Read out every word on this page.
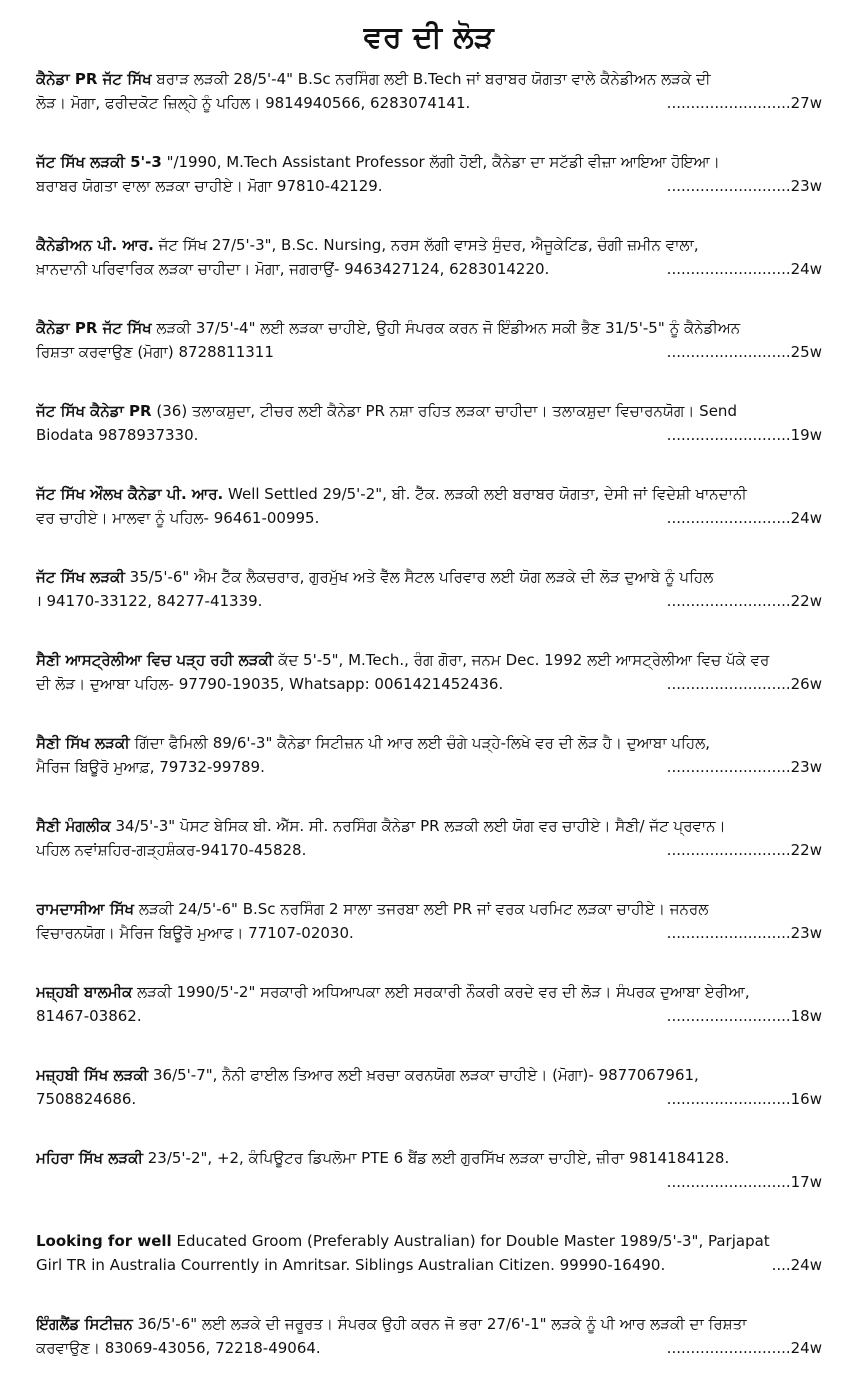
ਵਰ ਦੀ ਲੋੜ
ਕੈਨੇਡਾ PR ਜੱਟ ਸਿੱਖ ਬਰਾੜ ਲੜਕੀ 28/5'-4" B.Sc ਨਰਸਿੰਗ ਲਈ B.Tech ਜਾਂ ਬਰਾਬਰ ਯੋਗਤਾ ਵਾਲੇ ਕੈਨੇਡੀਅਨ ਲੜਕੇ ਦੀ
ਲੋੜ। ਮੋਗਾ, ਫਰੀਦਕੋਟ ਜ਼ਿਲ੍ਹੇ ਨੂੰ ਪਹਿਲ। 9814940566, 6283074141.	..........................27w
ਜੱਟ ਸਿੱਖ ਲੜਕੀ 5'-3 "/1990, M.Tech Assistant Professor ਲੱਗੀ ਹੋਈ, ਕੈਨੇਡਾ ਦਾ ਸਟੱਡੀ ਵੀਜ਼ਾ ਆਇਆ ਹੋਇਆ।
ਬਰਾਬਰ ਯੋਗਤਾ ਵਾਲਾ ਲੜਕਾ ਚਾਹੀਏ। ਮੋਗਾ 97810-42129.	..........................23w
ਕੈਨੇਡੀਅਨ ਪੀ. ਆਰ. ਜੱਟ ਸਿੱਖ 27/5'-3", B.Sc. Nursing, ਨਰਸ ਲੱਗੀ ਵਾਸਤੇ ਸੁੰਦਰ, ਐਜੂਕੇਟਿਡ, ਚੰਗੀ ਜ਼ਮੀਨ ਵਾਲਾ,
ਖ਼ਾਨਦਾਨੀ ਪਰਿਵਾਰਿਕ ਲੜਕਾ ਚਾਹੀਦਾ। ਮੋਗਾ, ਜਗਰਾਉਂ- 9463427124, 6283014220.	..........................24w
ਕੈਨੇਡਾ PR ਜੱਟ ਸਿੱਖ ਲੜਕੀ 37/5'-4" ਲਈ ਲੜਕਾ ਚਾਹੀਏ, ਉਹੀ ਸੰਪਰਕ ਕਰਨ ਜੋ ਇੰਡੀਅਨ ਸਕੀ ਭੈਣ 31/5'-5" ਨੂੰ ਕੈਨੇਡੀਅਨ
ਰਿਸ਼ਤਾ ਕਰਵਾਉਣ (ਮੋਗਾ) 8728811311	..........................25w
ਜੱਟ ਸਿੱਖ ਕੈਨੇਡਾ PR (36) ਤਲਾਕਸ਼ੁਦਾ, ਟੀਚਰ ਲਈ ਕੈਨੇਡਾ PR ਨਸ਼ਾ ਰਹਿਤ ਲੜਕਾ ਚਾਹੀਦਾ। ਤਲਾਕਸ਼ੁਦਾ ਵਿਚਾਰਨਯੋਗ। Send
Biodata 9878937330.	..........................19w
ਜੱਟ ਸਿੱਖ ਔਲਖ ਕੈਨੇਡਾ ਪੀ. ਆਰ. Well Settled 29/5'-2", ਬੀ. ਟੈੱਕ. ਲੜਕੀ ਲਈ ਬਰਾਬਰ ਯੋਗਤਾ, ਦੇਸੀ ਜਾਂ ਵਿਦੇਸ਼ੀ ਖਾਨਦਾਨੀ
ਵਰ ਚਾਹੀਏ। ਮਾਲਵਾ ਨੂੰ ਪਹਿਲ- 96461-00995.	..........................24w
ਜੱਟ ਸਿੱਖ ਲੜਕੀ 35/5'-6" ਐਮ ਟੈੱਕ ਲੈਕਚਰਾਰ, ਗੁਰਮੁੱਖ ਅਤੇ ਵੈੱਲ ਸੈਟਲ ਪਰਿਵਾਰ ਲਈ ਯੋਗ ਲੜਕੇ ਦੀ ਲੋੜ ਦੁਆਬੇ ਨੂੰ ਪਹਿਲ
। 94170-33122, 84277-41339.	..........................22w
ਸੈਣੀ ਆਸਟ੍ਰੇਲੀਆ ਵਿਚ ਪੜ੍ਹ ਰਹੀ ਲੜਕੀ ਕੱਦ 5'-5", M.Tech., ਰੰਗ ਗੋਰਾ, ਜਨਮ Dec. 1992 ਲਈ ਆਸਟ੍ਰੇਲੀਆ ਵਿਚ ਪੱਕੇ ਵਰ
ਦੀ ਲੋੜ। ਦੁਆਬਾ ਪਹਿਲ- 97790-19035, Whatsapp: 0061421452436.	..........................26w
ਸੈਣੀ ਸਿੱਖ ਲੜਕੀ ਗਿੱਦਾ ਫੈਮਿਲੀ 89/6'-3" ਕੈਨੇਡਾ ਸਿਟੀਜ਼ਨ ਪੀ ਆਰ ਲਈ ਚੰਗੇ ਪੜ੍ਹੇ-ਲਿਖੇ ਵਰ ਦੀ ਲੋੜ ਹੈ। ਦੁਆਬਾ ਪਹਿਲ,
ਮੈਰਿਜ ਬਿਊਰੋ ਮੁਆਫ਼, 79732-99789.	..........................23w
ਸੈਣੀ ਮੰਗਲੀਕ 34/5'-3" ਪੋਸਟ ਬੇਸਿਕ ਬੀ. ਐੱਸ. ਸੀ. ਨਰਸਿੰਗ ਕੈਨੇਡਾ PR ਲੜਕੀ ਲਈ ਯੋਗ ਵਰ ਚਾਹੀਏ। ਸੈਣੀ/ ਜੱਟ ਪ੍ਰਵਾਨ।
ਪਹਿਲ ਨਵਾਂਸ਼ਹਿਰ-ਗੜ੍ਹਸ਼ੰਕਰ-94170-45828.	..........................22w
ਰਾਮਦਾਸੀਆ ਸਿੱਖ ਲੜਕੀ 24/5'-6" B.Sc ਨਰਸਿੰਗ 2 ਸਾਲਾ ਤਜਰਬਾ ਲਈ PR ਜਾਂ ਵਰਕ ਪਰਮਿਟ ਲੜਕਾ ਚਾਹੀਏ। ਜਨਰਲ
ਵਿਚਾਰਨਯੋਗ। ਮੈਰਿਜ ਬਿਊਰੋ ਮੁਆਫ। 77107-02030.	..........................23w
ਮਜ਼੍ਹਬੀ ਬਾਲਮੀਕ ਲੜਕੀ 1990/5'-2" ਸਰਕਾਰੀ ਅਧਿਆਪਕਾ ਲਈ ਸਰਕਾਰੀ ਨੌਕਰੀ ਕਰਦੇ ਵਰ ਦੀ ਲੋੜ। ਸੰਪਰਕ ਦੁਆਬਾ ਏਰੀਆ,
81467-03862.	..........................18w
ਮਜ਼੍ਹਬੀ ਸਿੱਖ ਲੜਕੀ 36/5'-7", ਨੈਨੀ ਫਾਈਲ ਤਿਆਰ ਲਈ ਖ਼ਰਚਾ ਕਰਨਯੋਗ ਲੜਕਾ ਚਾਹੀਏ। (ਮੋਗਾ)- 9877067961,
7508824686.	..........................16w
ਮਹਿਰਾ ਸਿੱਖ ਲੜਕੀ 23/5'-2", +2, ਕੰਪਿਊਟਰ ਡਿਪਲੋਮਾ PTE 6 ਬੈਂਡ ਲਈ ਗੁਰਸਿੱਖ ਲੜਕਾ ਚਾਹੀਏ, ਜ਼ੀਰਾ 9814184128.
..........................17w
Looking for well Educated Groom (Preferably Australian) for Double Master 1989/5'-3", Parjapat
Girl TR in Australia Courrently in Amritsar. Siblings Australian Citizen. 99990-16490.	....24w
ਇੰਗਲੈਂਡ ਸਿਟੀਜ਼ਨ 36/5'-6" ਲਈ ਲੜਕੇ ਦੀ ਜਰੂਰਤ। ਸੰਪਰਕ ਉਹੀ ਕਰਨ ਜੋ ਭਰਾ 27/6'-1" ਲੜਕੇ ਨੂੰ ਪੀ ਆਰ ਲੜਕੀ ਦਾ ਰਿਸ਼ਤਾ
ਕਰਵਾਉਣ। 83069-43056, 72218-49064.	..........................24w
